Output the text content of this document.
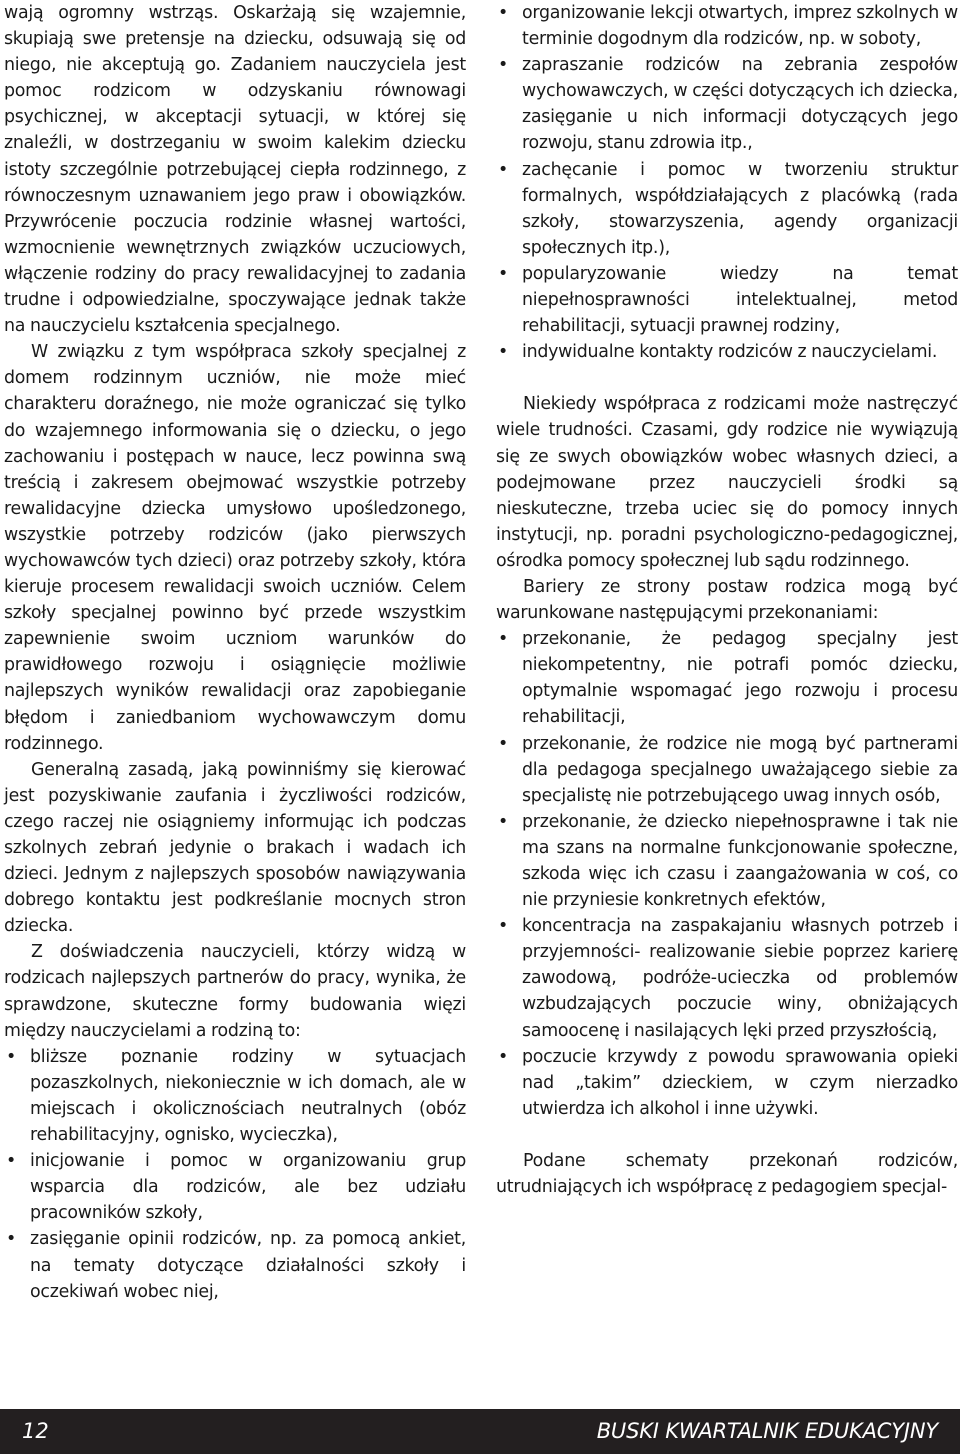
wają ogromny wstrząs. Oskarżają się wzajemnie, skupiają swe pretensje na dziecku, odsuwają się od niego, nie akceptują go. Zadaniem nauczyciela jest pomoc rodzicom w odzyskaniu równowagi psychicznej, w akceptacji sytuacji, w której się znaleźli, w dostrzeganiu w swoim kalekim dziecku istoty szczególnie potrzebującej ciepła rodzinnego, z równoczesnym uznawaniem jego praw i obowiązków. Przywrócenie poczucia rodzinie własnej wartości, wzmocnienie wewnętrznych związków uczuciowych, włączenie rodziny do pracy rewalidacyjnej to zadania trudne i odpowiedzialne, spoczywające jednak także na nauczycielu kształcenia specjalnego.

W związku z tym współpraca szkoły specjalnej z domem rodzinnym uczniów, nie może mieć charakteru doraźnego, nie może ograniczać się tylko do wzajemnego informowania się o dziecku, o jego zachowaniu i postępach w nauce, lecz powinna swą treścią i zakresem obejmować wszystkie potrzeby rewalidacyjne dziecka umysłowo upośledzonego, wszystkie potrzeby rodziców (jako pierwszych wychowawców tych dzieci) oraz potrzeby szkoły, która kieruje procesem rewalidacji swoich uczniów. Celem szkoły specjalnej powinno być przede wszystkim zapewnienie swoim uczniom warunków do prawidłowego rozwoju i osiągnięcie możliwie najlepszych wyników rewalidacji oraz zapobieganie błędom i zaniedbaniom wychowawczym domu rodzinnego.

Generalną zasadą, jaką powinniśmy się kierować jest pozyskiwanie zaufania i życzliwości rodziców, czego raczej nie osiągniemy informując ich podczas szkolnych zebrań jedynie o brakach i wadach ich dzieci. Jednym z najlepszych sposobów nawiązywania dobrego kontaktu jest podkreślanie mocnych stron dziecka.

Z doświadczenia nauczycieli, którzy widzą w rodzicach najlepszych partnerów do pracy, wynika, że sprawdzone, skuteczne formy budowania więzi między nauczycielami a rodziną to:

• bliższe poznanie rodziny w sytuacjach pozaszkolnych, niekoniecznie w ich domach, ale w miejscach i okolicznościach neutralnych (obóz rehabilitacyjny, ognisko, wycieczka),
• inicjowanie i pomoc w organizowaniu grup wsparcia dla rodziców, ale bez udziału pracowników szkoły,
• zasięganie opinii rodziców, np. za pomocą ankiet, na tematy dotyczące działalności szkoły i oczekiwań wobec niej,
• organizowanie lekcji otwartych, imprez szkolnych w terminie dogodnym dla rodziców, np. w soboty,
• zapraszanie rodziców na zebrania zespołów wychowawczych, w części dotyczących ich dziecka, zasięganie u nich informacji dotyczących jego rozwoju, stanu zdrowia itp.,
• zachęcanie i pomoc w tworzeniu struktur formalnych, współdziałających z placówką (rada szkoły, stowarzyszenia, agendy organizacji społecznych itp.),
• popularyzowanie wiedzy na temat niepełnosprawności intelektualnej, metod rehabilitacji, sytuacji prawnej rodziny,
• indywidualne kontakty rodziców z nauczycielami.

Niekiedy współpraca z rodzicami może nastręczyć wiele trudności. Czasami, gdy rodzice nie wywiązują się ze swych obowiązków wobec własnych dzieci, a podejmowane przez nauczycieli środki są nieskuteczne, trzeba uciec się do pomocy innych instytucji, np. poradni psychologiczno-pedagogicznej, ośrodka pomocy społecznej lub sądu rodzinnego.

Bariery ze strony postaw rodzica mogą być warunkowane następującymi przekonaniami:

• przekonanie, że pedagog specjalny jest niekompetentny, nie potrafi pomóc dziecku, optymalnie wspomagać jego rozwoju i procesu rehabilitacji,
• przekonanie, że rodzice nie mogą być partnerami dla pedagoga specjalnego uważającego siebie za specjalistę nie potrzebującego uwag innych osób,
• przekonanie, że dziecko niepełnosprawne i tak nie ma szans na normalne funkcjonowanie społeczne, szkoda więc ich czasu i zaangażowania w coś, co nie przyniesie konkretnych efektów,
• koncentracja na zaspakajaniu własnych potrzeb i przyjemności- realizowanie siebie poprzez karierę zawodową, podróże-ucieczka od problemów wzbudzających poczucie winy, obniżających samoocenę i nasilających lęki przed przyszłością,
• poczucie krzywdy z powodu sprawowania opieki nad „takim” dzieckiem, w czym nierzadko utwierdza ich alkohol i inne używki.

Podane schematy przekonań rodziców, utrudniających ich współpracę z pedagogiem specjal-

12	BUSKI KWARTALNIK EDUKACYJNY
